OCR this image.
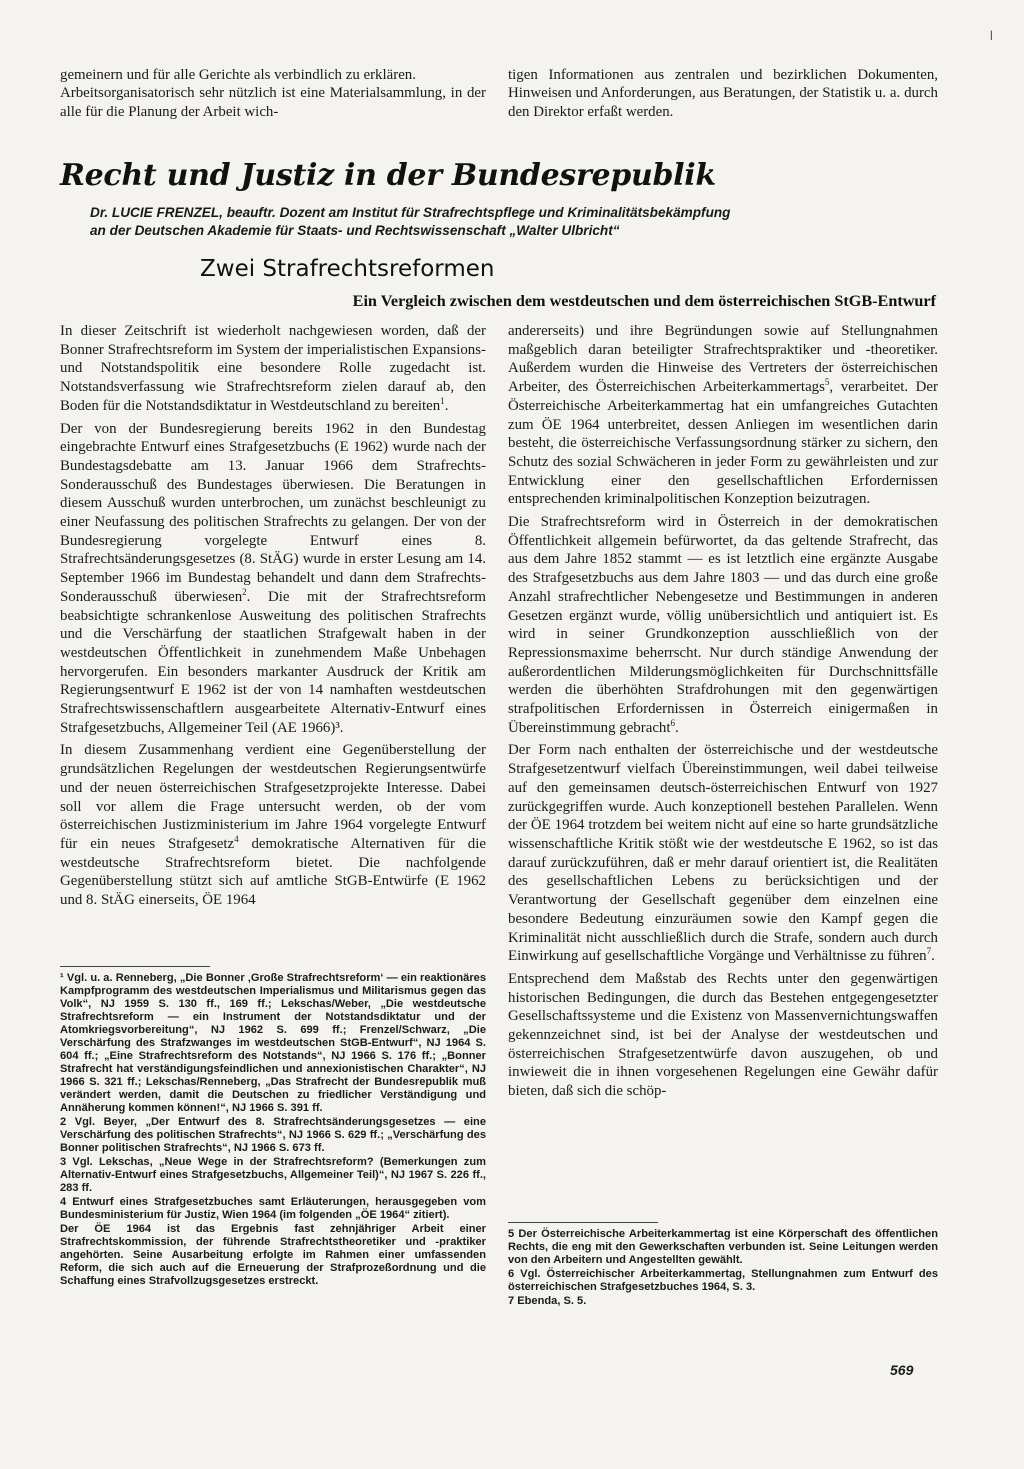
|

gemeinern und für alle Gerichte als verbindlich zu erklären.

Arbeitsorganisatorisch sehr nützlich ist eine Materialsammlung, in der alle für die Planung der Arbeit wich-

tigen Informationen aus zentralen und bezirklichen Dokumenten, Hinweisen und Anforderungen, aus Beratungen, der Statistik u. a. durch den Direktor erfaßt werden.

Recht und Justiz in der Bundesrepublik
Dr. LUCIE FRENZEL, beauftr. Dozent am Institut für Strafrechtspflege und Kriminalitätsbekämpfung
an der Deutschen Akademie für Staats- und Rechtswissenschaft „Walter Ulbricht“
Zwei Strafrechtsreformen
Ein Vergleich zwischen dem westdeutschen und dem österreichischen StGB-Entwurf

In dieser Zeitschrift ist wiederholt nachgewiesen worden, daß der Bonner Strafrechtsreform im System der imperialistischen Expansions- und Notstandspolitik eine besondere Rolle zugedacht ist. Notstandsverfassung wie Strafrechtsreform zielen darauf ab, den Boden für die Notstandsdiktatur in Westdeutschland zu bereiten$^1$.

Der von der Bundesregierung bereits 1962 in den Bundestag eingebrachte Entwurf eines Strafgesetzbuchs (E 1962) wurde nach der Bundestagsdebatte am 13. Januar 1966 dem Strafrechts-Sonderausschuß des Bundestages überwiesen. Die Beratungen in diesem Ausschuß wurden unterbrochen, um zunächst beschleunigt zu einer Neufassung des politischen Strafrechts zu gelangen. Der von der Bundesregierung vorgelegte Entwurf eines 8. Strafrechtsänderungsgesetzes (8. StÄG) wurde in erster Lesung am 14. September 1966 im Bundestag behandelt und dann dem Strafrechts-Sonderausschuß überwiesen$^2$. Die mit der Strafrechtsreform beabsichtigte schrankenlose Ausweitung des politischen Strafrechts und die Verschärfung der staatlichen Strafgewalt haben in der westdeutschen Öffentlichkeit in zunehmendem Maße Unbehagen hervorgerufen. Ein besonders markanter Ausdruck der Kritik am Regierungsentwurf E 1962 ist der von 14 namhaften westdeutschen Strafrechtswissenschaftlern ausgearbeitete Alternativ-Entwurf eines Strafgesetzbuchs, Allgemeiner Teil (AE 1966)³.

In diesem Zusammenhang verdient eine Gegenüberstellung der grundsätzlichen Regelungen der westdeutschen Regierungsentwürfe und der neuen österreichischen Strafgesetzprojekte Interesse. Dabei soll vor allem die Frage untersucht werden, ob der vom österreichischen Justizministerium im Jahre 1964 vorgelegte Entwurf für ein neues Strafgesetz$^4$ demokratische Alternativen für die westdeutsche Strafrechtsreform bietet. Die nachfolgende Gegenüberstellung stützt sich auf amtliche StGB-Entwürfe (E 1962 und 8. StÄG einerseits, ÖE 1964

¹ Vgl. u. a. Renneberg, „Die Bonner ‚Große Strafrechtsreform‘ — ein reaktionäres Kampfprogramm des westdeutschen Imperialismus und Militarismus gegen das Volk“, NJ 1959 S. 130 ff., 169 ff.; Lekschas/Weber, „Die westdeutsche Strafrechtsreform — ein Instrument der Notstandsdiktatur und der Atomkriegsvorbereitung“, NJ 1962 S. 699 ff.; Frenzel/Schwarz, „Die Verschärfung des Strafzwanges im westdeutschen StGB-Entwurf“, NJ 1964 S. 604 ff.; „Eine Strafrechtsreform des Notstands“, NJ 1966 S. 176 ff.; „Bonner Strafrecht hat verständigungsfeindlichen und annexionistischen Charakter“, NJ 1966 S. 321 ff.; Lekschas/Renneberg, „Das Strafrecht der Bundesrepublik muß verändert werden, damit die Deutschen zu friedlicher Verständigung und Annäherung kommen können!“, NJ 1966 S. 391 ff.

2 Vgl. Beyer, „Der Entwurf des 8. Strafrechtsänderungsgesetzes — eine Verschärfung des politischen Strafrechts“, NJ 1966 S. 629 ff.; „Verschärfung des Bonner politischen Strafrechts“, NJ 1966 S. 673 ff.

3 Vgl. Lekschas, „Neue Wege in der Strafrechtsreform? (Bemerkungen zum Alternativ-Entwurf eines Strafgesetzbuchs, Allgemeiner Teil)“, NJ 1967 S. 226 ff., 283 ff.

4 Entwurf eines Strafgesetzbuches samt Erläuterungen, herausgegeben vom Bundesministerium für Justiz, Wien 1964 (im folgenden „ÖE 1964“ zitiert).

Der ÖE 1964 ist das Ergebnis fast zehnjähriger Arbeit einer Strafrechtskommission, der führende Strafrechtstheoretiker und -praktiker angehörten. Seine Ausarbeitung erfolgte im Rahmen einer umfassenden Reform, die sich auch auf die Erneuerung der Strafprozeßordnung und die Schaffung eines Strafvollzugsgesetzes erstreckt.

andererseits) und ihre Begründungen sowie auf Stellungnahmen maßgeblich daran beteiligter Strafrechtspraktiker und -theoretiker. Außerdem wurden die Hinweise des Vertreters der österreichischen Arbeiter, des Österreichischen Arbeiterkammertags$^5$, verarbeitet. Der Österreichische Arbeiterkammertag hat ein umfangreiches Gutachten zum ÖE 1964 unterbreitet, dessen Anliegen im wesentlichen darin besteht, die österreichische Verfassungsordnung stärker zu sichern, den Schutz des sozial Schwächeren in jeder Form zu gewährleisten und zur Entwicklung einer den gesellschaftlichen Erfordernissen entsprechenden kriminalpolitischen Konzeption beizutragen.

Die Strafrechtsreform wird in Österreich in der demokratischen Öffentlichkeit allgemein befürwortet, da das geltende Strafrecht, das aus dem Jahre 1852 stammt — es ist letztlich eine ergänzte Ausgabe des Strafgesetzbuchs aus dem Jahre 1803 — und das durch eine große Anzahl strafrechtlicher Nebengesetze und Bestimmungen in anderen Gesetzen ergänzt wurde, völlig unübersichtlich und antiquiert ist. Es wird in seiner Grundkonzeption ausschließlich von der Repressionsmaxime beherrscht. Nur durch ständige Anwendung der außerordentlichen Milderungsmöglichkeiten für Durchschnittsfälle werden die überhöhten Strafdrohungen mit den gegenwärtigen strafpolitischen Erfordernissen in Österreich einigermaßen in Übereinstimmung gebracht$^6$.

Der Form nach enthalten der österreichische und der westdeutsche Strafgesetzentwurf vielfach Übereinstimmungen, weil dabei teilweise auf den gemeinsamen deutsch-österreichischen Entwurf von 1927 zurückgegriffen wurde. Auch konzeptionell bestehen Parallelen. Wenn der ÖE 1964 trotzdem bei weitem nicht auf eine so harte grundsätzliche wissenschaftliche Kritik stößt wie der westdeutsche E 1962, so ist das darauf zurückzuführen, daß er mehr darauf orientiert ist, die Realitäten des gesellschaftlichen Lebens zu berücksichtigen und der Verantwortung der Gesellschaft gegenüber dem einzelnen eine besondere Bedeutung einzuräumen sowie den Kampf gegen die Kriminalität nicht ausschließlich durch die Strafe, sondern auch durch Einwirkung auf gesellschaftliche Vorgänge und Verhältnisse zu führen$^7$.

Entsprechend dem Maßstab des Rechts unter den gegenwärtigen historischen Bedingungen, die durch das Bestehen entgegengesetzter Gesellschaftssysteme und die Existenz von Massenvernichtungswaffen gekennzeichnet sind, ist bei der Analyse der westdeutschen und österreichischen Strafgesetzentwürfe davon auszugehen, ob und inwieweit die in ihnen vorgesehenen Regelungen eine Gewähr dafür bieten, daß sich die schöp-

5 Der Österreichische Arbeiterkammertag ist eine Körperschaft des öffentlichen Rechts, die eng mit den Gewerkschaften verbunden ist. Seine Leitungen werden von den Arbeitern und Angestellten gewählt.

6 Vgl. Österreichischer Arbeiterkammertag, Stellungnahmen zum Entwurf des österreichischen Strafgesetzbuches 1964, S. 3.

7 Ebenda, S. 5.

569
